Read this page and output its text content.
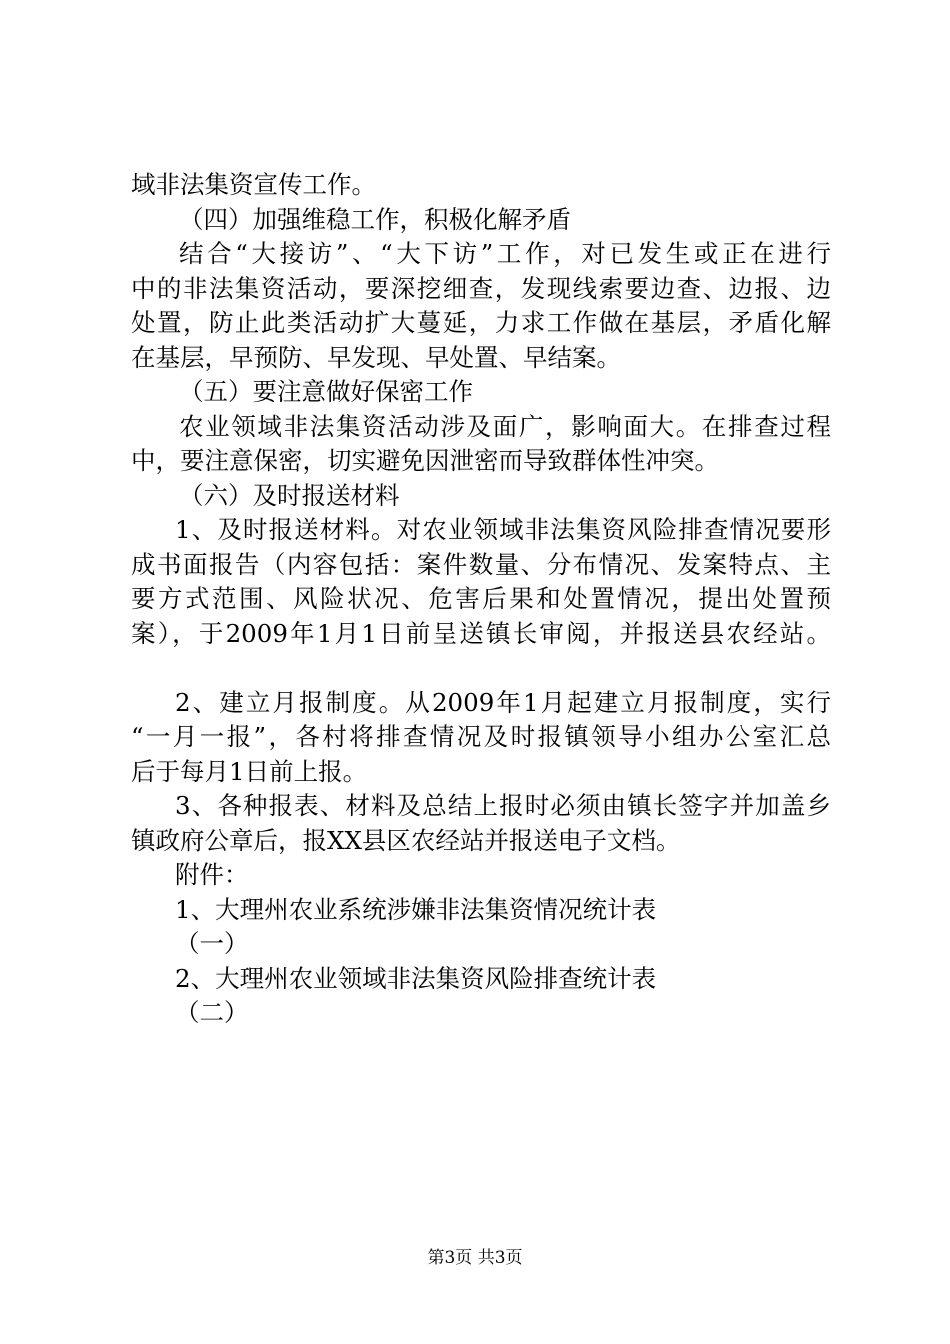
域非法集资宣传工作。
（四）加强维稳工作，积极化解矛盾
结合“大接访”、“大下访”工作，对已发生或正在进行
中的非法集资活动，要深挖细查，发现线索要边查、边报、边
处置，防止此类活动扩大蔓延，力求工作做在基层，矛盾化解
在基层，早预防、早发现、早处置、早结案。
（五）要注意做好保密工作
农业领域非法集资活动涉及面广，影响面大。在排查过程
中，要注意保密，切实避免因泄密而导致群体性冲突。
（六）及时报送材料
1、及时报送材料。对农业领域非法集资风险排查情况要形
成书面报告（内容包括：案件数量、分布情况、发案特点、主
要方式范围、风险状况、危害后果和处置情况，提出处置预
案），于2009年1月1日前呈送镇长审阅，并报送县农经站。
2、建立月报制度。从2009年1月起建立月报制度，实行
“一月一报”，各村将排查情况及时报镇领导小组办公室汇总
后于每月1日前上报。
3、各种报表、材料及总结上报时必须由镇长签字并加盖乡
镇政府公章后，报XX县区农经站并报送电子文档。
附件：
1、大理州农业系统涉嫌非法集资情况统计表
（一）
2、大理州农业领域非法集资风险排查统计表
（二）
第3页 共3页
